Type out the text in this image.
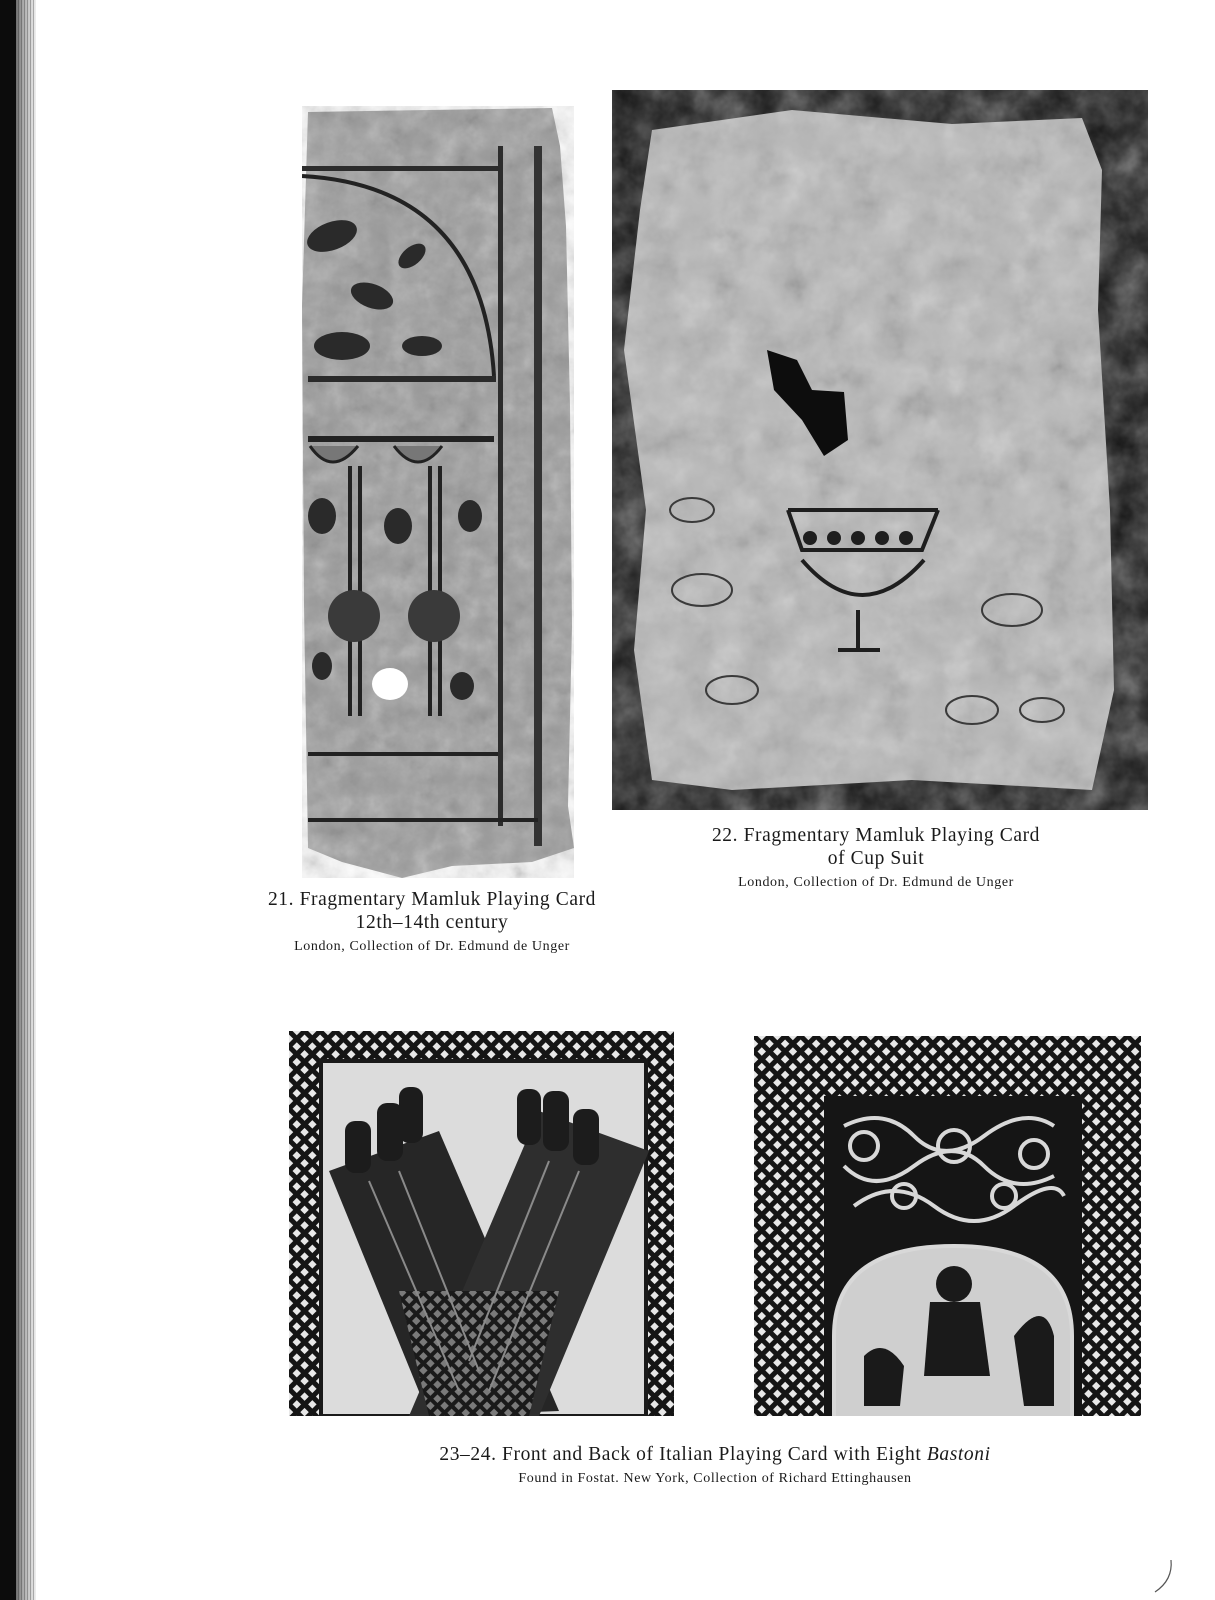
21. Fragmentary Mamluk Playing Card
12th–14th century
London, Collection of Dr. Edmund de Unger
22. Fragmentary Mamluk Playing Card
of Cup Suit
London, Collection of Dr. Edmund de Unger
23–24. Front and Back of Italian Playing Card with Eight Bastoni
Found in Fostat. New York, Collection of Richard Ettinghausen
